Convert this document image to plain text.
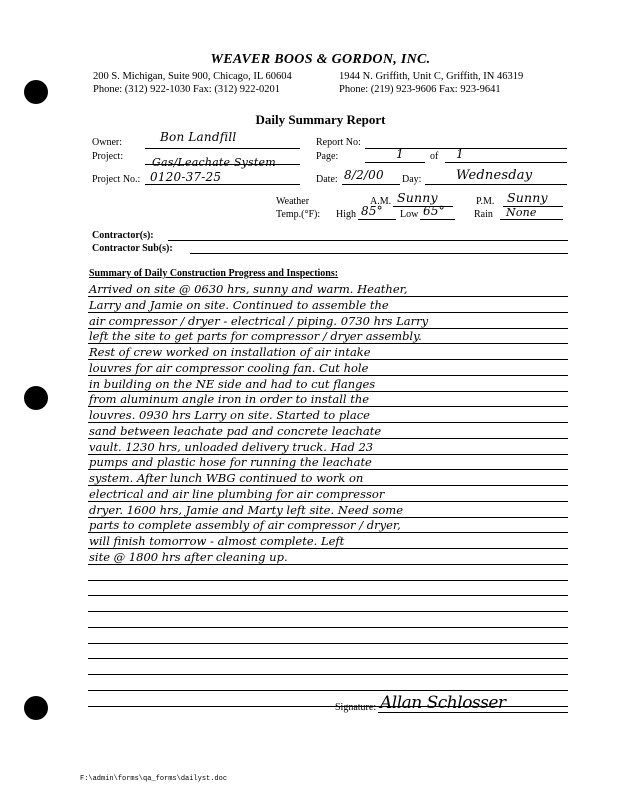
WEAVER BOOS & GORDON, INC.
200 S. Michigan, Suite 900, Chicago, IL 60604
Phone: (312) 922-1030 Fax: (312) 922-0201
1944 N. Griffith, Unit C, Griffith, IN 46319
Phone: (219) 923-9606 Fax: 923-9641
Daily Summary Report
Owner:	Bon Landfill
Project:	Gas/Leachate System
Project No.: 0120-37-25
Report No:
Page:	1	of 1
Date: 8/2/00 Day:	Wednesday
Weather
Temp.(°F):
A.M. Sunny	P.M. Sunny
High 85° Low 65°	Rain None
Contractor(s):
Contractor Sub(s):
Summary of Daily Construction Progress and Inspections:
Arrived on site @ 0630 hrs, sunny and warm. Heather,
Larry and Jamie on site. Continued to assemble the
air compressor / dryer - electrical / piping. 0730 hrs Larry
left the site to get parts for compressor / dryer assembly.
Rest of crew worked on installation of air intake
louvres for air compressor cooling fan. Cut hole
in building on the NE side and had to cut flanges
from aluminum angle iron in order to install the
louvres. 0930 hrs Larry on site. Started to place
sand between leachate pad and concrete leachate
vault. 1230 hrs, unloaded delivery truck. Had 23
pumps and plastic hose for running the leachate
system. After lunch WBG continued to work on
electrical and air line plumbing for air compressor
dryer. 1600 hrs, Jamie and Marty left site. Need some
parts to complete assembly of air compressor / dryer,
will finish tomorrow - almost complete. Left
site @ 1800 hrs after cleaning up.
Signature: Allan Schlosser
F:\admin\forms\qa_forms\dailyst.doc
